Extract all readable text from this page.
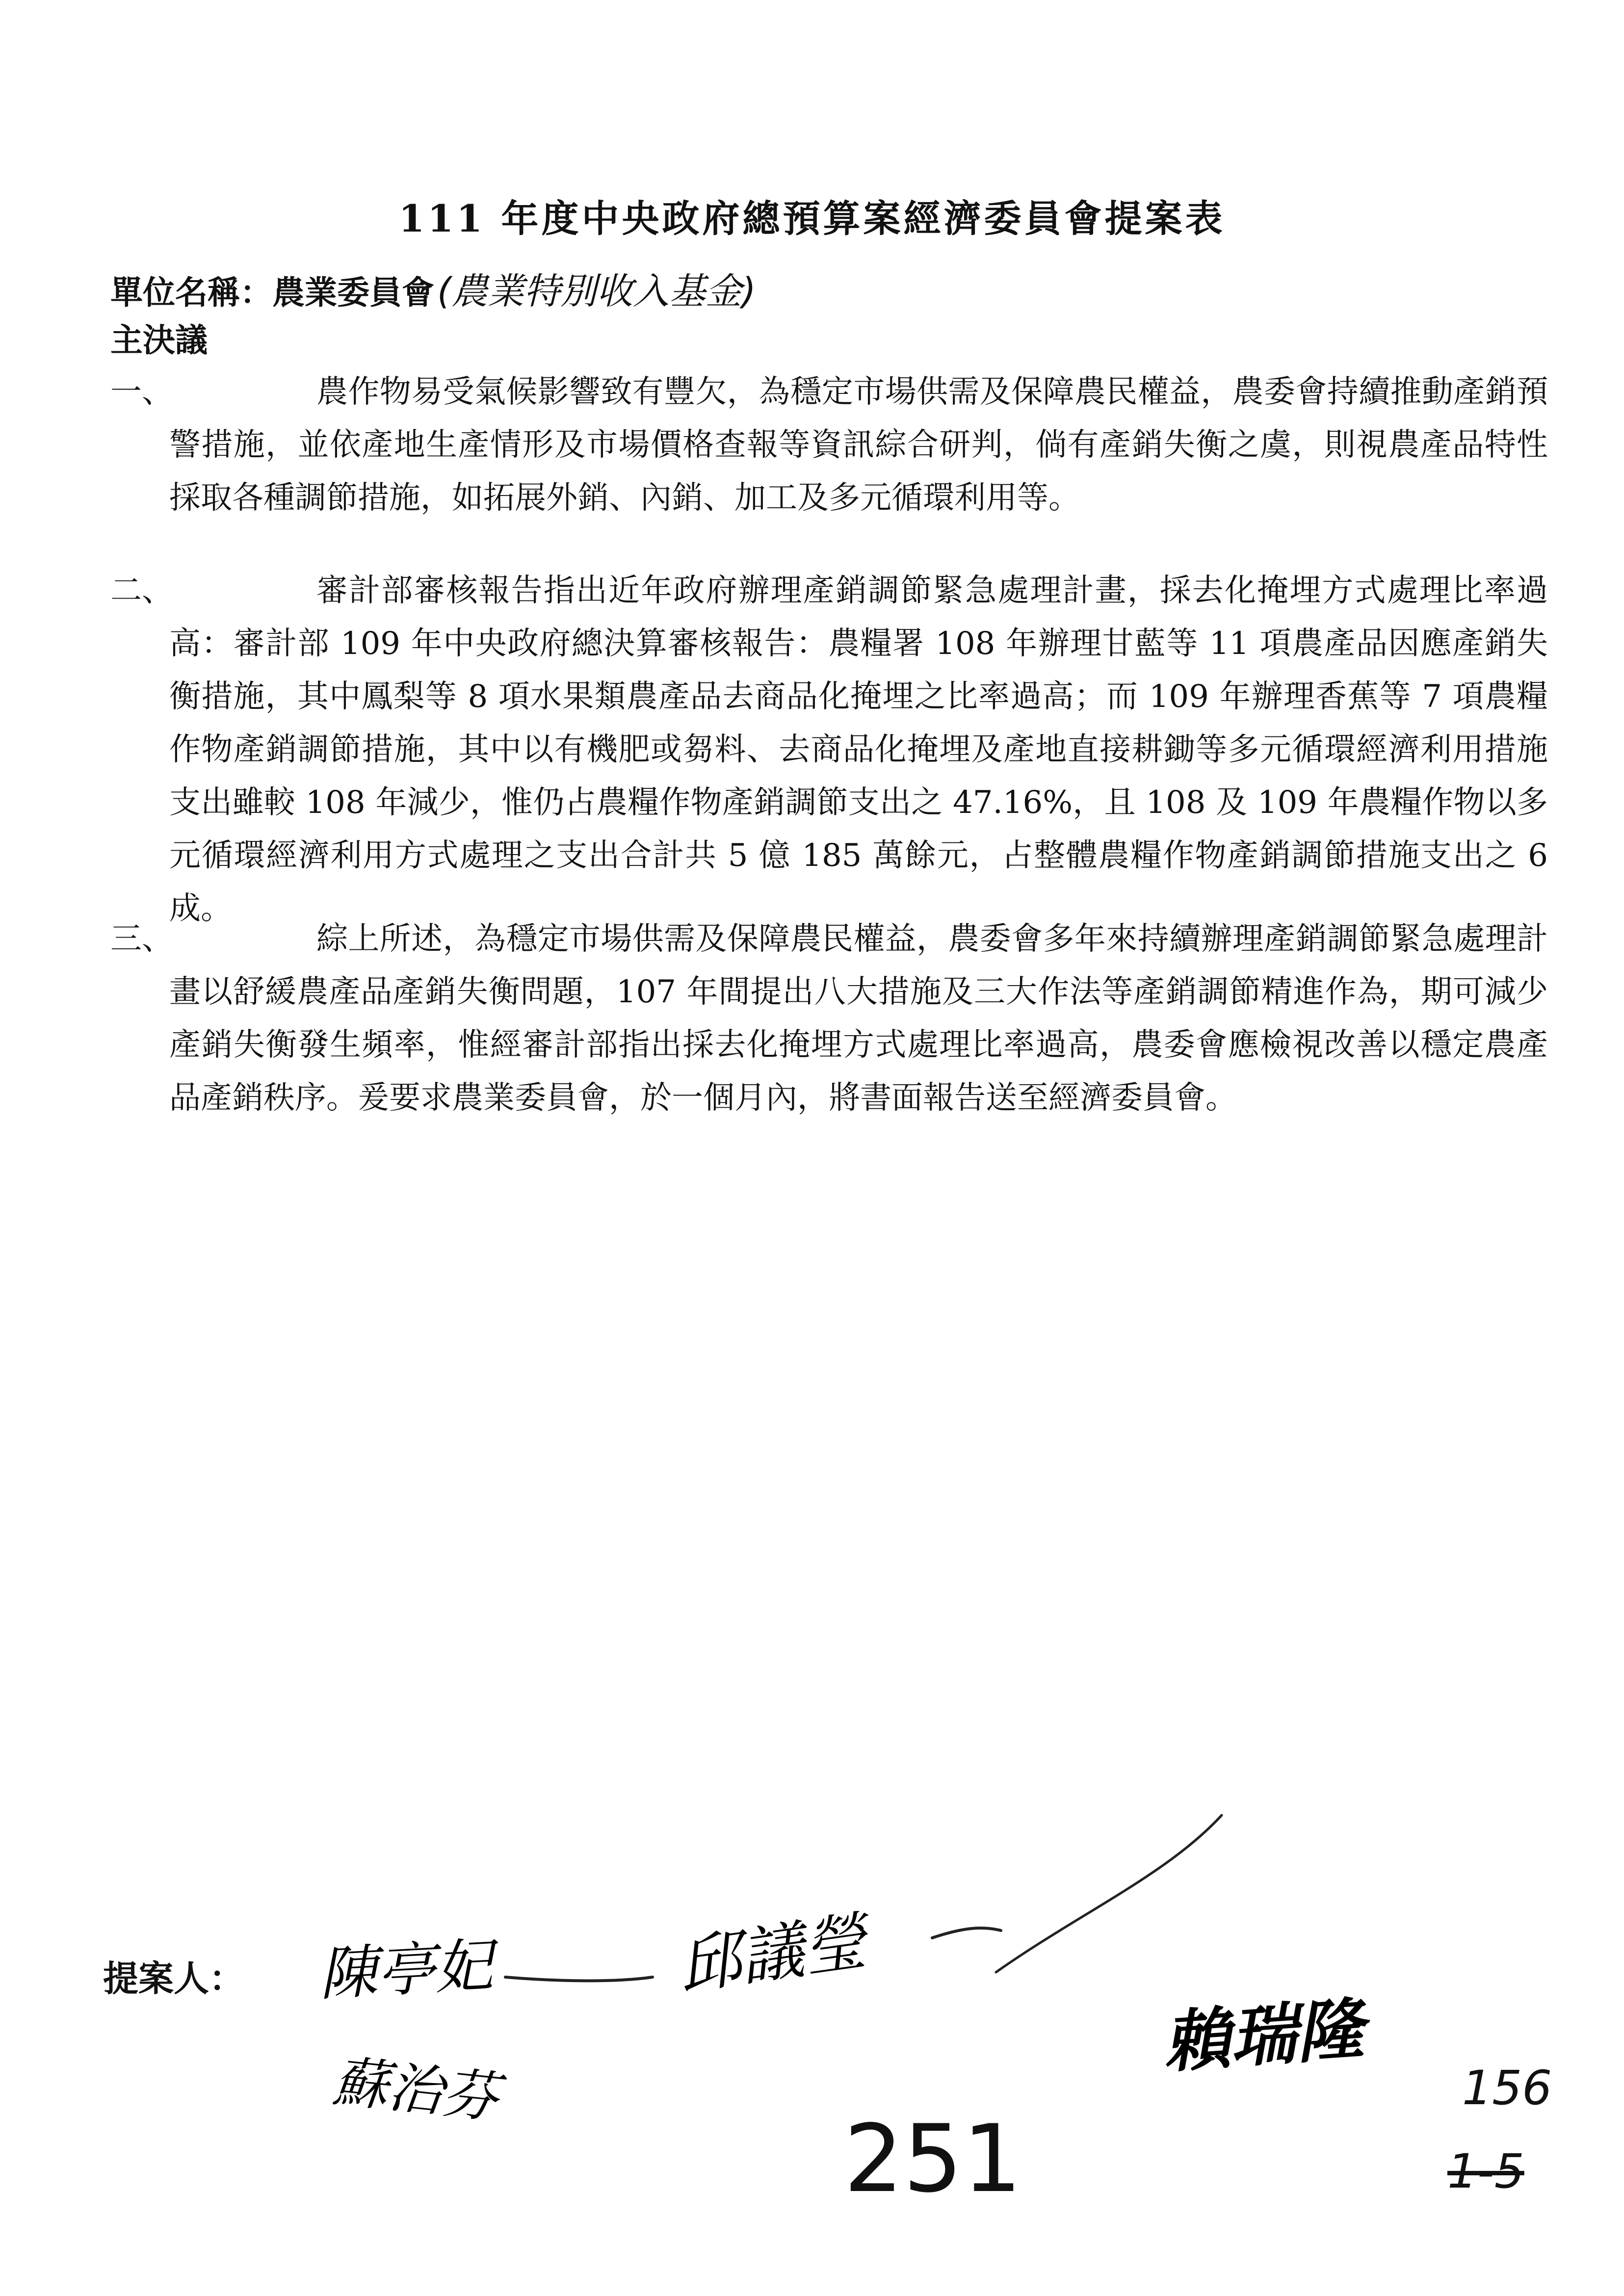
111 年度中央政府總預算案經濟委員會提案表
單位名稱：農業委員會(農業特別收入基金)
主決議
一、	農作物易受氣候影響致有豐欠，為穩定市場供需及保障農民權益，農委會持續推動產銷預警措施，並依產地生產情形及市場價格查報等資訊綜合研判，倘有產銷失衡之虞，則視農產品特性採取各種調節措施，如拓展外銷、內銷、加工及多元循環利用等。
二、	審計部審核報告指出近年政府辦理產銷調節緊急處理計畫，採去化掩埋方式處理比率過高：審計部 109 年中央政府總決算審核報告：農糧署 108 年辦理甘藍等 11 項農產品因應產銷失衡措施，其中鳳梨等 8 項水果類農產品去商品化掩埋之比率過高；而 109 年辦理香蕉等 7 項農糧作物產銷調節措施，其中以有機肥或芻料、去商品化掩埋及產地直接耕鋤等多元循環經濟利用措施支出雖較 108 年減少，惟仍占農糧作物產銷調節支出之 47.16%，且 108 及 109 年農糧作物以多元循環經濟利用方式處理之支出合計共 5 億 185 萬餘元，占整體農糧作物產銷調節措施支出之 6 成。
三、	綜上所述，為穩定市場供需及保障農民權益，農委會多年來持續辦理產銷調節緊急處理計畫以舒緩農產品產銷失衡問題，107 年間提出八大措施及三大作法等產銷調節精進作為，期可減少產銷失衡發生頻率，惟經審計部指出採去化掩埋方式處理比率過高，農委會應檢視改善以穩定農產品產銷秩序。爰要求農業委員會，於一個月內，將書面報告送至經濟委員會。
提案人： 陳亭妃	邱議瑩
蘇治芬
賴瑞隆
251
156
1-5
